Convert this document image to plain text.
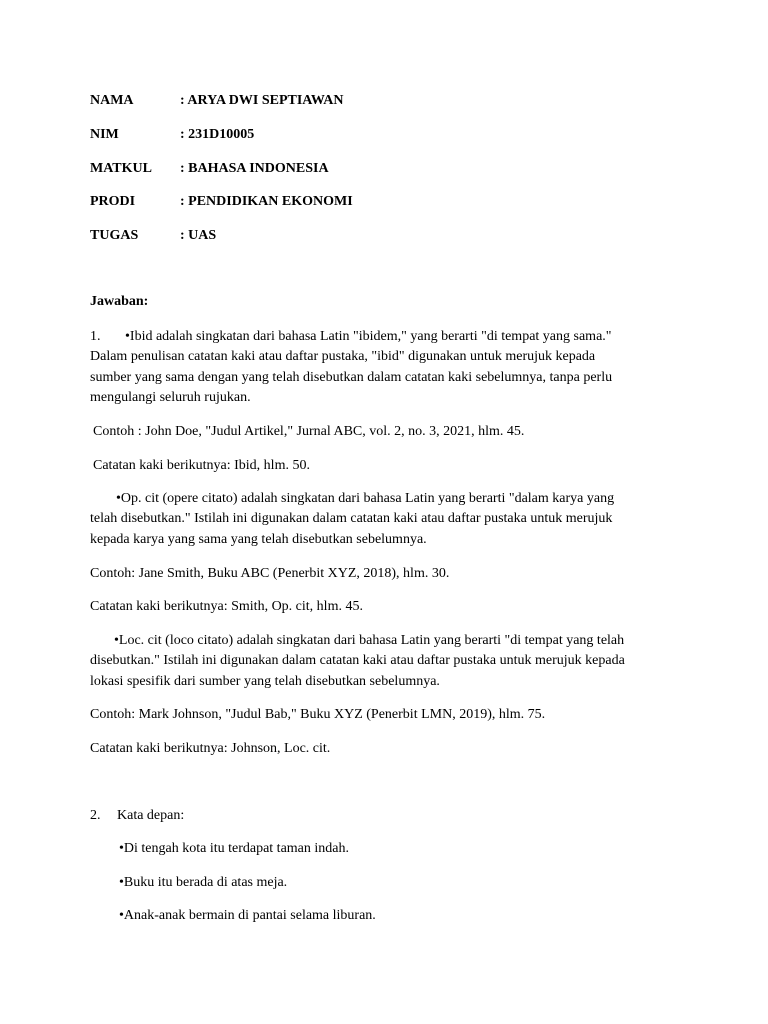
NAMA	: ARYA DWI SEPTIAWAN
NIM	: 231D10005
MATKUL : BAHASA INDONESIA
PRODI	: PENDIDIKAN EKONOMI
TUGAS	: UAS
Jawaban:
1. •Ibid adalah singkatan dari bahasa Latin "ibidem," yang berarti "di tempat yang sama."
Dalam penulisan catatan kaki atau daftar pustaka, "ibid" digunakan untuk merujuk kepada
sumber yang sama dengan yang telah disebutkan dalam catatan kaki sebelumnya, tanpa perlu
mengulangi seluruh rujukan.
Contoh : John Doe, "Judul Artikel," Jurnal ABC, vol. 2, no. 3, 2021, hlm. 45.
Catatan kaki berikutnya: Ibid, hlm. 50.
•Op. cit (opere citato) adalah singkatan dari bahasa Latin yang berarti "dalam karya yang
telah disebutkan." Istilah ini digunakan dalam catatan kaki atau daftar pustaka untuk merujuk
kepada karya yang sama yang telah disebutkan sebelumnya.
Contoh: Jane Smith, Buku ABC (Penerbit XYZ, 2018), hlm. 30.
Catatan kaki berikutnya: Smith, Op. cit, hlm. 45.
•Loc. cit (loco citato) adalah singkatan dari bahasa Latin yang berarti "di tempat yang telah
disebutkan." Istilah ini digunakan dalam catatan kaki atau daftar pustaka untuk merujuk kepada
lokasi spesifik dari sumber yang telah disebutkan sebelumnya.
Contoh: Mark Johnson, "Judul Bab," Buku XYZ (Penerbit LMN, 2019), hlm. 75.
Catatan kaki berikutnya: Johnson, Loc. cit.
2. Kata depan:
•Di tengah kota itu terdapat taman indah.
•Buku itu berada di atas meja.
•Anak-anak bermain di pantai selama liburan.
